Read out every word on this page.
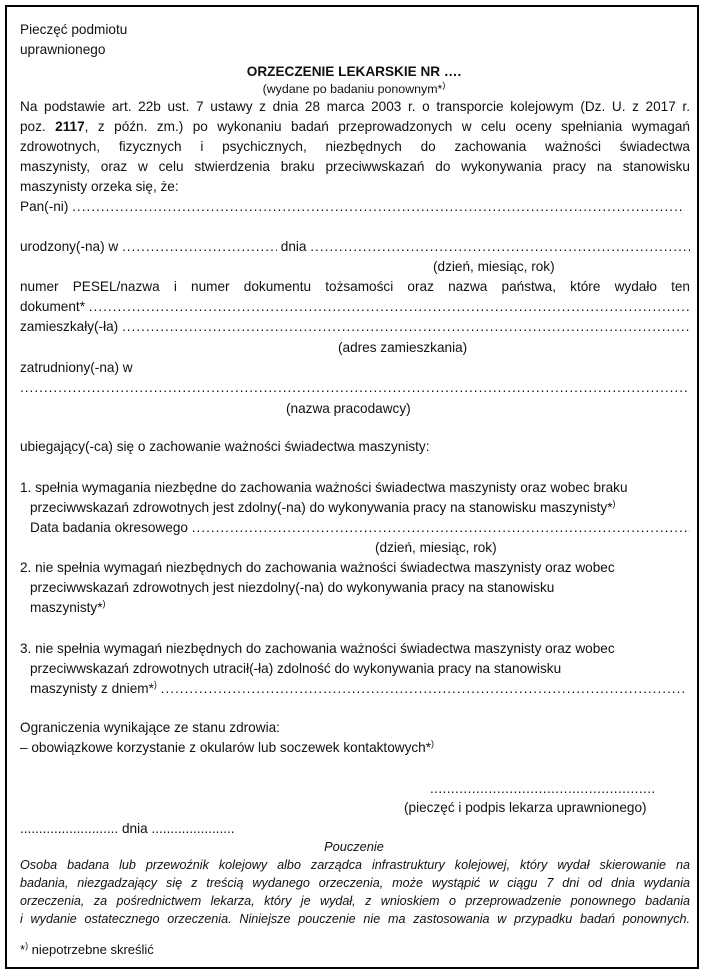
Pieczęć podmiotu
uprawnionego
ORZECZENIE LEKARSKIE NR ….
(wydane po badaniu ponownym*)
Na podstawie art. 22b ust. 7 ustawy z dnia 28 marca 2003 r. o transporcie kolejowym (Dz. U. z 2017 r.
poz. 2117, z późn. zm.) po wykonaniu badań przeprowadzonych w celu oceny spełniania wymagań
zdrowotnych, fizycznych i psychicznych, niezbędnych do zachowania ważności świadectwa
maszynisty, oraz w celu stwierdzenia braku przeciwwskazań do wykonywania pracy na stanowisku
maszynisty orzeka się, że:
Pan(-ni)

.....
urodzony(-na) w

.....
	dnia

.....
(dzień, miesiąc, rok)
numer PESEL/nazwa i numer dokumentu tożsamości oraz nazwa państwa, które wydało ten
dokument*

.....
zamieszkały(-ła)

.....
(adres zamieszkania)
zatrudniony(-na) w
.....
(nazwa pracodawcy)
ubiegający(-ca) się o zachowanie ważności świadectwa maszynisty:
1. spełnia wymagania niezbędne do zachowania ważności świadectwa maszynisty oraz wobec braku
przeciwwskazań zdrowotnych jest zdolny(-na) do wykonywania pracy na stanowisku maszynisty*)
Data badania okresowego

.....
(dzień, miesiąc, rok)
2. nie spełnia wymagań niezbędnych do zachowania ważności świadectwa maszynisty oraz wobec
przeciwwskazań zdrowotnych jest niezdolny(-na) do wykonywania pracy na stanowisku
maszynisty*)
3. nie spełnia wymagań niezbędnych do zachowania ważności świadectwa maszynisty oraz wobec
przeciwwskazań zdrowotnych utracił(-ła) zdolność do wykonywania pracy na stanowisku
maszynisty z dniem*)

.....
Ograniczenia wynikające ze stanu zdrowia:
– obowiązkowe korzystanie z okularów lub soczewek kontaktowych*)
......................................................
(pieczęć i podpis lekarza uprawnionego)
.......................... dnia ......................
Pouczenie
Osoba badana lub przewoźnik kolejowy albo zarządca infrastruktury kolejowej, który wydał skierowanie na
badania, niezgadzający się z treścią wydanego orzeczenia, może wystąpić w ciągu 7 dni od dnia wydania
orzeczenia, za pośrednictwem lekarza, który je wydał, z wnioskiem o przeprowadzenie ponownego badania
i wydanie ostatecznego orzeczenia. Niniejsze pouczenie nie ma zastosowania w przypadku badań ponownych.
*) niepotrzebne skreślić
